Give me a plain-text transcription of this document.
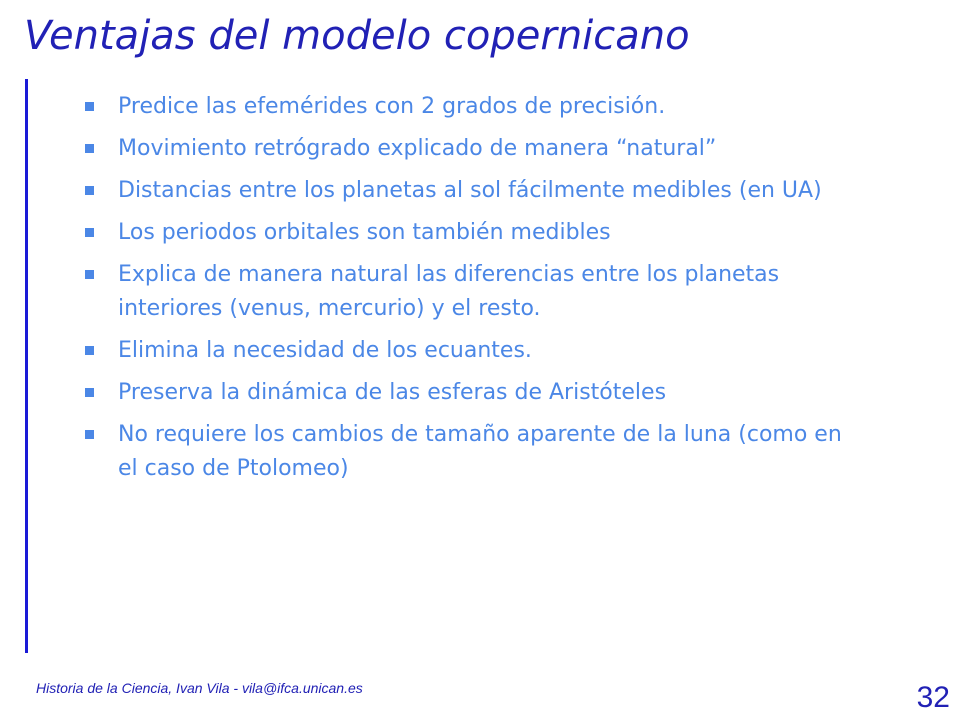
Ventajas del modelo copernicano
Predice las efemérides con 2 grados de precisión.
Movimiento retrógrado explicado de manera “natural”
Distancias entre los planetas al sol fácilmente medibles (en UA)
Los periodos orbitales son también medibles
Explica de manera natural las diferencias entre los planetas interiores (venus, mercurio) y el resto.
Elimina la necesidad de los ecuantes.
Preserva la dinámica de las esferas de Aristóteles
No requiere los cambios de tamaño aparente de la luna (como en el caso de Ptolomeo)
Historia de la Ciencia, Ivan Vila - vila@ifca.unican.es	32
